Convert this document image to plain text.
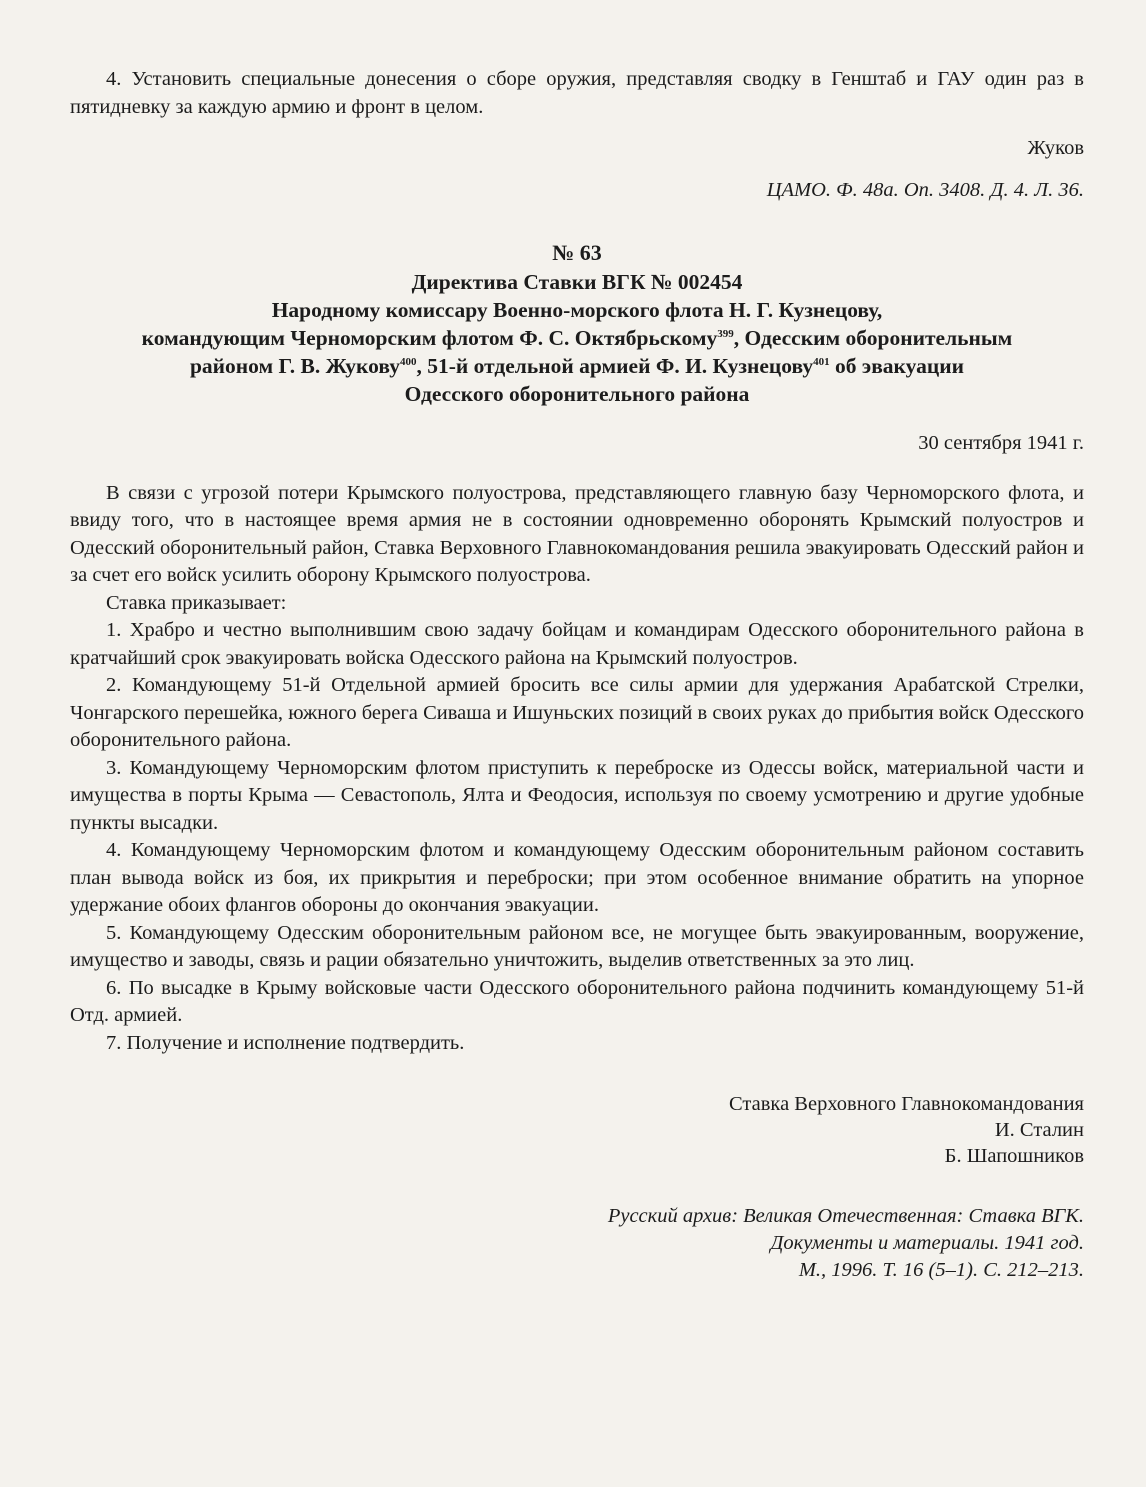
4. Установить специальные донесения о сборе оружия, представляя сводку в Генштаб и ГАУ один раз в пятидневку за каждую армию и фронт в целом.

Жуков

ЦАМО. Ф. 48а. Оп. 3408. Д. 4. Л. 36.

№ 63

Директива Ставки ВГК № 002454
Народному комиссару Военно-морского флота Н. Г. Кузнецову,
командующим Черноморским флотом Ф. С. Октябрьскому$^{399}$, Одесским оборонительным
районом Г. В. Жукову$^{400}$, 51-й отдельной армией Ф. И. Кузнецову$^{401}$ об эвакуации
Одесского оборонительного района

30 сентября 1941 г.

В связи с угрозой потери Крымского полуострова, представляющего главную базу Черноморского флота, и ввиду того, что в настоящее время армия не в состоянии одновременно оборонять Крымский полуостров и Одесский оборонительный район, Ставка Верховного Главнокомандования решила эвакуировать Одесский район и за счет его войск усилить оборону Крымского полуострова.

Ставка приказывает:

1. Храбро и честно выполнившим свою задачу бойцам и командирам Одесского оборонительного района в кратчайший срок эвакуировать войска Одесского района на Крымский полуостров.

2. Командующему 51-й Отдельной армией бросить все силы армии для удержания Арабатской Стрелки, Чонгарского перешейка, южного берега Сиваша и Ишуньских позиций в своих руках до прибытия войск Одесского оборонительного района.

3. Командующему Черноморским флотом приступить к переброске из Одессы войск, материальной части и имущества в порты Крыма — Севастополь, Ялта и Феодосия, используя по своему усмотрению и другие удобные пункты высадки.

4. Командующему Черноморским флотом и командующему Одесским оборонительным районом составить план вывода войск из боя, их прикрытия и переброски; при этом особенное внимание обратить на упорное удержание обоих флангов обороны до окончания эвакуации.

5. Командующему Одесским оборонительным районом все, не могущее быть эвакуированным, вооружение, имущество и заводы, связь и рации обязательно уничтожить, выделив ответственных за это лиц.

6. По высадке в Крыму войсковые части Одесского оборонительного района подчинить командующему 51-й Отд. армией.

7. Получение и исполнение подтвердить.

Ставка Верховного Главнокомандования

И. Сталин

Б. Шапошников

Русский архив: Великая Отечественная: Ставка ВГК.

Документы и материалы. 1941 год.

М., 1996. Т. 16 (5–1). С. 212–213.
